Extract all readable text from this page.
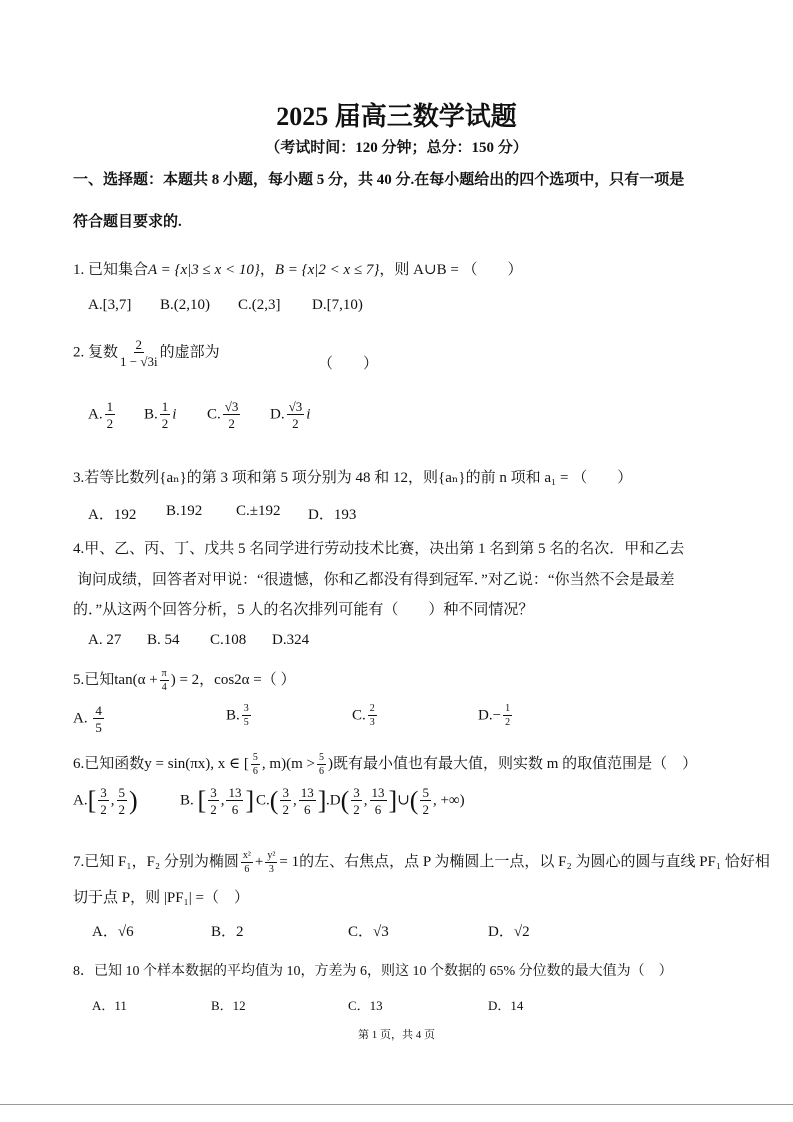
2025 届高三数学试题
（考试时间：120 分钟；总分：150 分）
一、选择题：本题共 8 小题，每小题 5 分，共 40 分.在每小题给出的四个选项中，只有一项是
符合题目要求的.
1. 已知集合A = {x|3 ≤ x < 10}，B = {x|2 < x ≤ 7}，则 A∪B = （　　）
A.[3,7] B.(2,10) C.(2,3] D.[7,10)
2. 复数 $\frac{2}{1 - √3i}$ 的虚部为
（　　）
A. $\frac{1}{2} B$. $\frac{1}{2}$ i C. $\frac{√3}{2} D$. $\frac{√3}{2}$ i
3.若等比数列{aₙ}的第 3 项和第 5 项分别为 48 和 12，则{aₙ}的前 n 项和 a₁ = （　　）
A．192 B.192 C.±192 D．193
4.甲、乙、丙、丁、戊共 5 名同学进行劳动技术比赛，决出第 1 名到第 5 名的名次．甲和乙去
询问成绩，回答者对甲说：“很遗憾，你和乙都没有得到冠军．”对乙说：“你当然不会是最差
的．”从这两个回答分析，5 人的名次排列可能有（　　）种不同情况？
A. 27 B. 54 C.108 D.324
5.已知$\tan(\alpha + \frac{\pi}{4}$ ) = 2，cos2α =（ ）
A. $\frac{4}{5}$	B. $\frac{3}{5}$	C. $\frac{2}{3}$	$D.- \frac{1}{2}$
6.已知函数y = sin(πx), x ∈ [ $\frac{5}{6}$ , $m)(m > \frac{5}{6}$ )既有最小值也有最大值，则实数 m 的取值范围是（　）
$A.[ \frac{3}{2}$ , $\frac{5}{2}$ )	B. [ $\frac{3}{2}$ , $\frac{13}{6}$ ] $C.( \frac{3}{2}$ , $\frac{13}{6}$ ] $.D( \frac{3}{2}$ , $\frac{13}{6}$ ]∪( $\frac{5}{2}$ , +∞)
7.已知 F₁，F₂ 分别为椭圆 $\frac{\text{x²}}{6} + \frac{\text{y²}}{3} = 1$的左、右焦点，点 P 为椭圆上一点，以 F₂ 为圆心的圆与直线 PF₁ 恰好相
切于点 P，则 |PF₁| =（　）
A．√6	B．2	C．√3	D．√2
8．已知 10 个样本数据的平均值为 10，方差为 6，则这 10 个数据的 65% 分位数的最大值为（　）
A．11	B．12	C．13	D．14
第 1 页，共 4 页
